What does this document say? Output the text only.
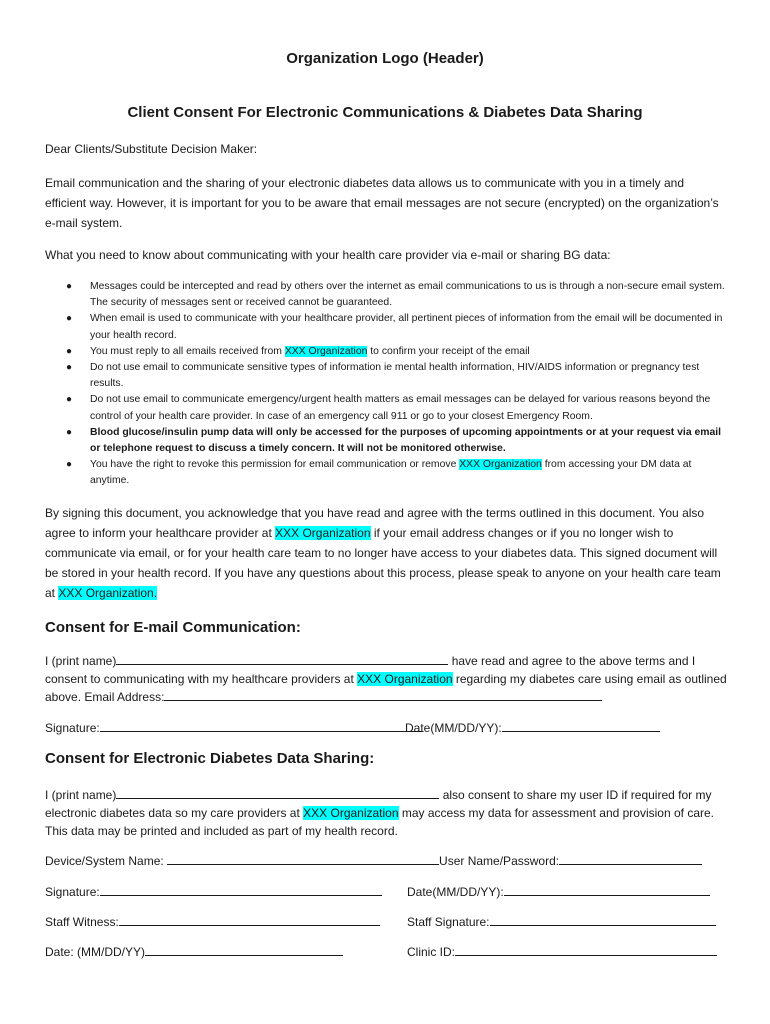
Organization Logo (Header)
Client Consent For Electronic Communications & Diabetes Data Sharing
Dear Clients/Substitute Decision Maker:
Email communication and the sharing of your electronic diabetes data allows us to communicate with you in a timely and efficient way. However, it is important for you to be aware that email messages are not secure (encrypted) on the organization’s e-mail system.
What you need to know about communicating with your health care provider via e-mail or sharing BG data:
● Messages could be intercepted and read by others over the internet as email communications to us is through a non-secure email system. The security of messages sent or received cannot be guaranteed.
● When email is used to communicate with your healthcare provider, all pertinent pieces of information from the email will be documented in your health record.
● You must reply to all emails received from XXX Organization to confirm your receipt of the email
● Do not use email to communicate sensitive types of information ie mental health information, HIV/AIDS information or pregnancy test results.
● Do not use email to communicate emergency/urgent health matters as email messages can be delayed for various reasons beyond the control of your health care provider. In case of an emergency call 911 or go to your closest Emergency Room.
● Blood glucose/insulin pump data will only be accessed for the purposes of upcoming appointments or at your request via email or telephone request to discuss a timely concern. It will not be monitored otherwise.
● You have the right to revoke this permission for email communication or remove XXX Organization from accessing your DM data at anytime.
By signing this document, you acknowledge that you have read and agree with the terms outlined in this document. You also agree to inform your healthcare provider at XXX Organization if your email address changes or if you no longer wish to communicate via email, or for your health care team to no longer have access to your diabetes data. This signed document will be stored in your health record. If you have any questions about this process, please speak to anyone on your health care team at XXX Organization.
Consent for E-mail Communication:
I (print name)	have read and agree to the above terms and I consent to communicating with my healthcare providers at XXX Organization regarding my diabetes care using email as outlined above. Email Address:
Signature:	Date(MM/DD/YY):
Consent for Electronic Diabetes Data Sharing:
I (print name)	also consent to share my user ID if required for my electronic diabetes data so my care providers at XXX Organization may access my data for assessment and provision of care. This data may be printed and included as part of my health record.
Device/System Name:	User Name/Password:
Signature:	Date(MM/DD/YY):
Staff Witness:	Staff Signature:
Date: (MM/DD/YY)	Clinic ID:
